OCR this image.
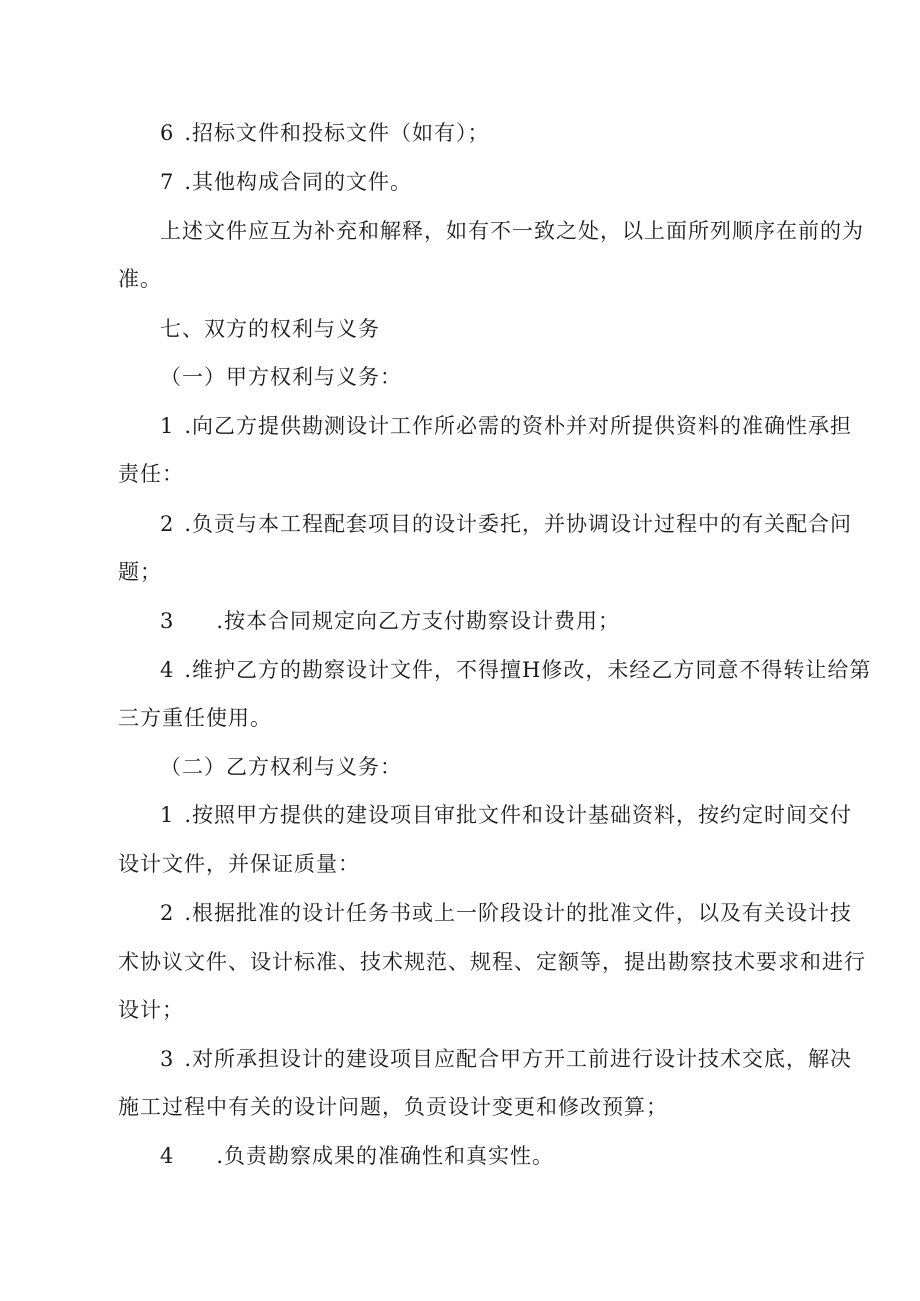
6 .招标文件和投标文件（如有）；
7 .其他构成合同的文件。
上述文件应互为补充和解释，如有不一致之处，以上面所列顺序在前的为
准。
七、双方的权利与义务
（一）甲方权利与义务：
1 .向乙方提供勘测设计工作所必需的资朴并对所提供资料的准确性承担
责任：
2 .负贡与本工程配套项目的设计委托，并协调设计过程中的有关配合问
题；
3 .按本合同规定向乙方支付勘察设计费用；
4 .维护乙方的勘察设计文件，不得擅H修改，未经乙方同意不得转让给第
三方重任使用。
（二）乙方权利与义务：
1 .按照甲方提供的建设项目审批文件和设计基础资料，按约定时间交付
设计文件，并保证质量：
2 .根据批准的设计任务书或上一阶段设计的批准文件，以及有关设计技
术协议文件、设计标准、技术规范、规程、定额等，提出勘察技术要求和进行
设计；
3 .对所承担设计的建设项目应配合甲方开工前进行设计技术交底，解决
施工过程中有关的设计问题，负贡设计变更和修改预算；
4 .负责勘察成果的准确性和真实性。
